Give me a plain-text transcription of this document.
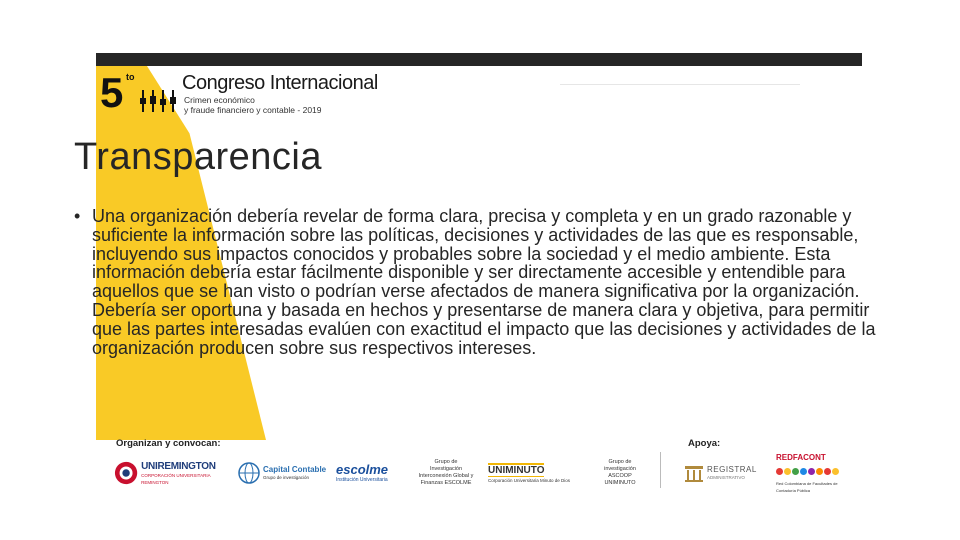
5 to Congreso Internacional
Crimen económico
y fraude financiero y contable - 2019
Transparencia
• Una organización debería revelar de forma clara, precisa y completa y en un grado razonable y suficiente la información sobre las políticas, decisiones y actividades de las que es responsable, incluyendo sus impactos conocidos y probables sobre la sociedad y el medio ambiente. Esta información debería estar fácilmente disponible y ser directamente accesible y entendible para aquellos que se han visto o podrían verse afectados de manera significativa por la organización. Debería ser oportuna y basada en hechos y presentarse de manera clara y objetiva, para permitir que las partes interesadas evalúen con exactitud el impacto que las decisiones y actividades de la organización producen sobre sus respectivos intereses.
Organizan y convocan:	Apoya:
UNIREMINGTON
CORPORACIÓN UNIVERSITARIA REMINGTON
Capital Contable
Grupo de investigación
escolme
Institución Universitaria
Grupo de Investigación Interconexión Global y Finanzas ESCOLME
UNIMINUTO
Corporación Universitaria Minuto de Dios
Grupo de investigación ASCOOP UNIMINUTO
REGISTRAL
ADMINISTRATIVO
REDFACONT
Red Colombiana de Facultades de Contaduría Pública
